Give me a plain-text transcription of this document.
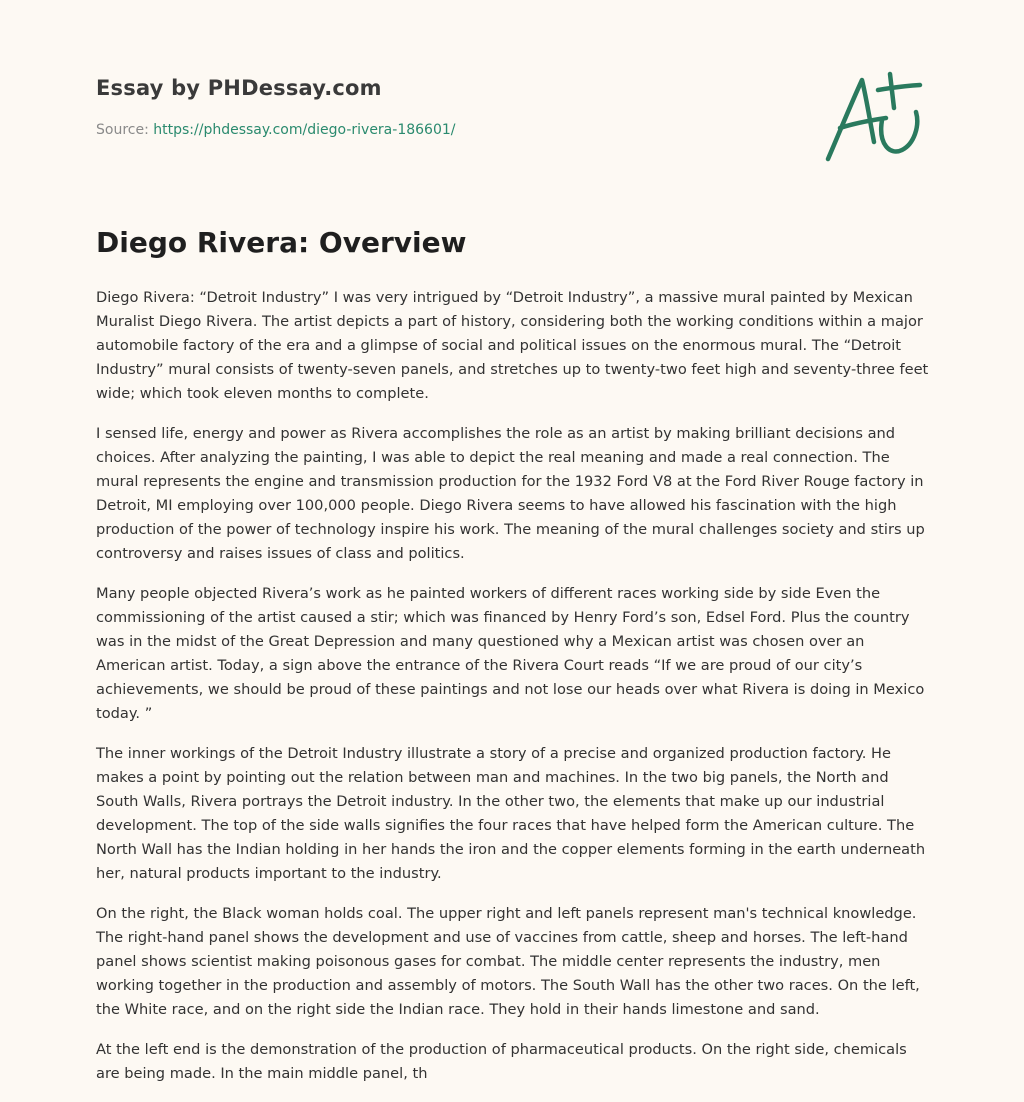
Essay by PHDessay.com
Source: https://phdessay.com/diego-rivera-186601/
Diego Rivera: Overview

Diego Rivera: “Detroit Industry” I was very intrigued by “Detroit Industry”, a massive mural painted by Mexican Muralist Diego Rivera. The artist depicts a part of history, considering both the working conditions within a major automobile factory of the era and a glimpse of social and political issues on the enormous mural. The “Detroit Industry” mural consists of twenty-seven panels, and stretches up to twenty-two feet high and seventy-three feet wide; which took eleven months to complete.

I sensed life, energy and power as Rivera accomplishes the role as an artist by making brilliant decisions and choices. After analyzing the painting, I was able to depict the real meaning and made a real connection. The mural represents the engine and transmission production for the 1932 Ford V8 at the Ford River Rouge factory in Detroit, MI employing over 100,000 people. Diego Rivera seems to have allowed his fascination with the high production of the power of technology inspire his work. The meaning of the mural challenges society and stirs up controversy and raises issues of class and politics.

Many people objected Rivera’s work as he painted workers of different races working side by side Even the commissioning of the artist caused a stir; which was financed by Henry Ford’s son, Edsel Ford. Plus the country was in the midst of the Great Depression and many questioned why a Mexican artist was chosen over an American artist. Today, a sign above the entrance of the Rivera Court reads “If we are proud of our city’s achievements, we should be proud of these paintings and not lose our heads over what Rivera is doing in Mexico today. ”

The inner workings of the Detroit Industry illustrate a story of a precise and organized production factory. He makes a point by pointing out the relation between man and machines. In the two big panels, the North and South Walls, Rivera portrays the Detroit industry. In the other two, the elements that make up our industrial development. The top of the side walls signifies the four races that have helped form the American culture. The North Wall has the Indian holding in her hands the iron and the copper elements forming in the earth underneath her, natural products important to the industry.

On the right, the Black woman holds coal. The upper right and left panels represent man's technical knowledge. The right-hand panel shows the development and use of vaccines from cattle, sheep and horses. The left-hand panel shows scientist making poisonous gases for combat. The middle center represents the industry, men working together in the production and assembly of motors. The South Wall has the other two races. On the left, the White race, and on the right side the Indian race. They hold in their hands limestone and sand.

At the left end is the demonstration of the production of pharmaceutical products. On the right side, chemicals are being made. In the main middle panel, th
